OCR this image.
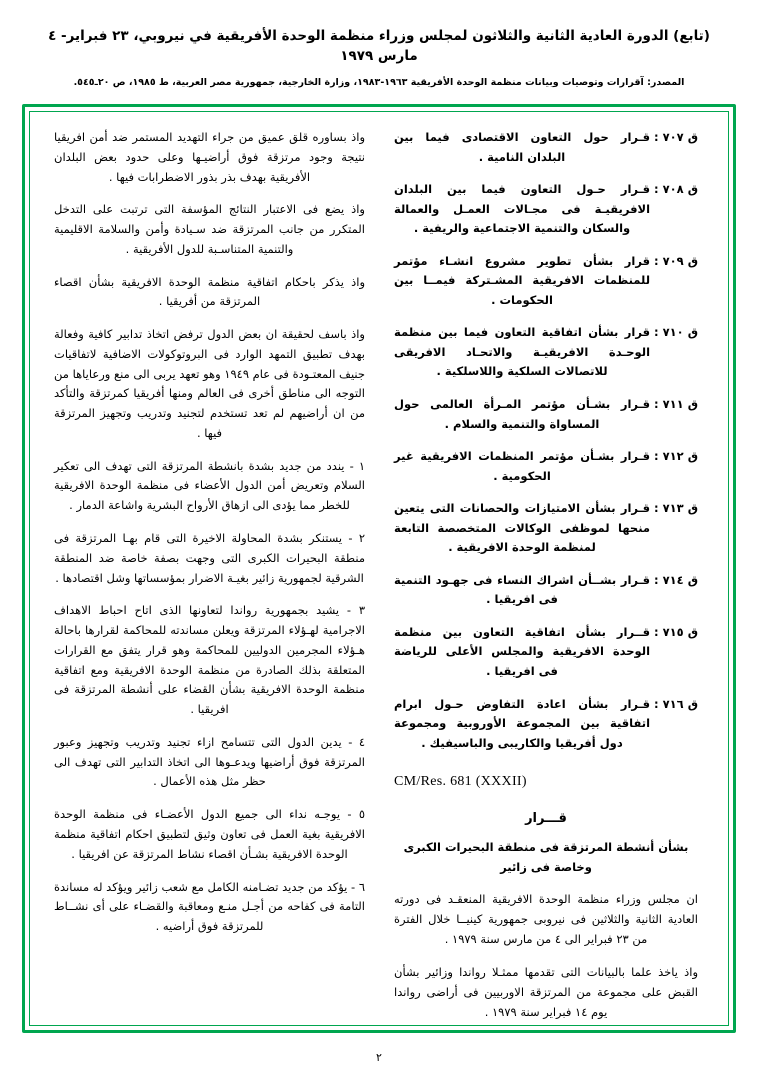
(تابع) الدورة العادية الثانية والثلاثون لمجلس وزراء منظمة الوحدة الأفريقية في نيروبي، ٢٣ فبراير- ٤ مارس ١٩٧٩
المصدر: آقرارات وتوصيات وبيانات منظمة الوحدة الأفريقية ١٩٦٣-١٩٨٣، وزارة الخارجية، جمهورية مصر العربية، ط ١٩٨٥، ص ٢٠ـ٥٤٥.
ق ٧٠٧
:
قـرار حول التعاون الاقتصادى فيما بين البلدان النامية .
ق ٧٠٨
:
قـرار حـول التعاون فيما بين البلدان الافريقيـة فى مجـالات العمـل والعمالة والسكان والتنمية الاجتماعية والريفية .
ق ٧٠٩
:
قرار بشأن تطوير مشروع انشـاء مؤتمر للمنظمات الافريقية المشـتركة فيمــا بين الحكومات .
ق ٧١٠
:
قرار بشأن اتفاقية التعاون فيما بين منظمة الوحـدة الافريقيـة والاتحـاد الافريقى للاتصالات السلكية واللاسلكية .
ق ٧١١
:
قـرار بشـأن مؤتمر المـرأة العالمى حول المساواة والتنمية والسلام .
ق ٧١٢
:
قـرار بشـأن مؤتمر المنظمات الافريقية غير الحكومية .
ق ٧١٣
:
قـرار بشأن الامتيازات والحصانات التى يتعين منحها لموظفى الوكالات المتخصصة التابعة لمنظمة الوحدة الافريقية .
ق ٧١٤
:
قـرار بشــأن اشراك النساء فى جهـود التنمية فى افريقيا .
ق ٧١٥
:
قــرار بشأن اتفاقية التعاون بين منظمة الوحدة الافريقية والمجلس الأعلى للرياضة فى افريقيا .
ق ٧١٦
:
قـرار بشأن اعادة التفاوض حـول ابرام اتفاقية بين المجموعة الأوروبية ومجموعة دول أفريقيا والكاريبى والباسيفيك .
CM/Res. 681 (XXXII)
قـــرار
بشأن أنشطة المرتزقة فى منطقة البحيرات الكبرى وخاصة فى زائير
ان مجلس وزراء منظمة الوحدة الافريقية المنعقـد فى دورته العادية الثانية والثلاثين فى نيروبى جمهورية كينيــا خلال الفترة من ٢٣ فبراير الى ٤ من مارس سنة ١٩٧٩ .
واذ ياخذ علما بالبيانات التى تقدمها ممثـلا رواندا وزائير بشأن القبض على مجموعة من المرتزقة الاوربيين فى أراضى رواندا يوم ١٤ فبراير سنة ١٩٧٩ .
واذ بساوره قلق عميق من جراء التهديد المستمر ضد أمن افريقيا نتيجة وجود مرتزقة فوق أراضيـها وعلى حدود بعض البلدان الأفريقية بهدف بذر بذور الاضطرابات فيها .
واذ يضع فى الاعتبار النتائج المؤسفة التى ترتبت على التدخل المتكرر من جانب المرتزقة ضد سـيادة وأمن والسلامة الاقليمية والتنمية المتناسـبة للدول الأفريقية .
واذ يذكر باحكام اتفاقية منظمة الوحدة الافريقية بشأن اقصاء المرتزقة من أفريقيا .
واذ باسف لحقيقة ان بعض الدول ترفض اتخاذ تدابير كافية وفعالة بهدف تطبيق التمهد الوارد فى البروتوكولات الاضافية لاتفاقيات جنيف المعتـودة فى عام ١٩٤٩ وهو تعهد يربى الى منع ورعاياها من التوجه الى مناطق أخرى فى العالم ومنها أفريقيا كمرتزقة والتأكد من ان أراضيهم لم تعد تستخدم لتجنيد وتدريب وتجهيز المرتزقة فيها .
١ - يندد من جديد بشدة بانشطة المرتزقة التى تهدف الى تعكير السلام وتعريض أمن الدول الأعضاء فى منظمة الوحدة الافريقية للخطر مما يؤدى الى ازهاق الأرواح البشرية واشاعة الدمار .
٢ - يستنكر بشدة المحاولة الاخيرة التى قام بهـا المرتزقة فى منطقة البحيرات الكبرى التى وجهت بصفة خاصة ضد المنطقة الشرقية لجمهورية زائير بغيـة الاضرار بمؤسساتها وشل اقتصادها .
٣ - يشيد بجمهورية رواندا لتعاونها الذى اتاح احباط الاهداف الاجرامية لهـؤلاء المرتزقة ويعلن مساندته للمحاكمة لقرارها باحالة هـؤلاء المجرمين الدوليين للمحاكمة وهو قرار يتفق مع القرارات المتعلقة بذلك الصادرة من منظمة الوحدة الافريقية ومع اتفاقية منظمة الوحدة الافريقية بشأن القضاء على أنشطة المرتزقة فى افريقيا .
٤ - يدين الدول التى تتسامح ازاء تجنيد وتدريب وتجهيز وعبور المرتزقة فوق أراضيها ويدعـوها الى اتخاذ التدابير التى تهدف الى حظر مثل هذه الأعمال .
٥ - يوجـه نداء الى جميع الدول الأعضـاء فى منظمة الوحدة الافريقية بغية العمل فى تعاون وثيق لتطبيق احكام اتفاقية منظمة الوحدة الافريقية بشـأن اقصاء نشاط المرتزقة عن افريقيا .
٦ - يؤكد من جديد تضـامنه الكامل مع شعب زائير ويؤكد له مساندة التامة فى كفاحه من أجـل منـع ومعاقبة والقضـاء على أى نشــاط للمرتزقة فوق أراضيه .
٢
